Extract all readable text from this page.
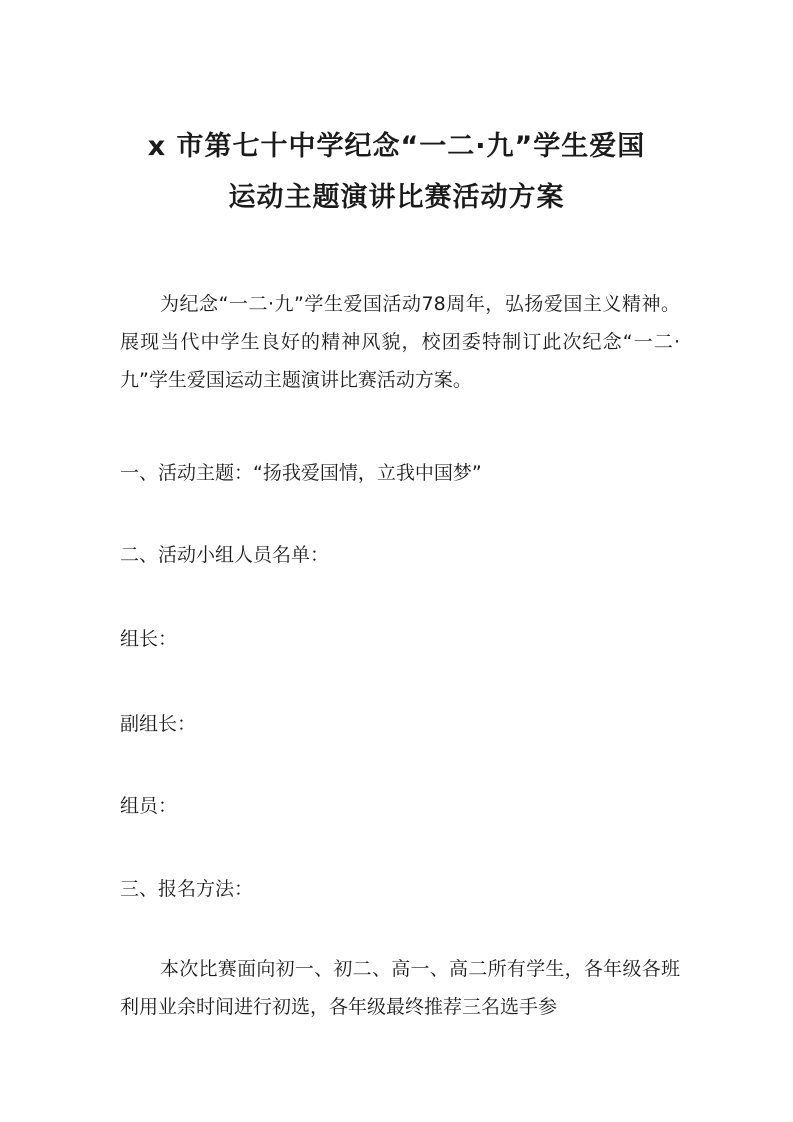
x 市第七十中学纪念“一二·九”学生爱国
运动主题演讲比赛活动方案

为纪念“一二·九”学生爱国活动78周年，弘扬爱国主义精神。展现当代中学生良好的精神风貌，校团委特制订此次纪念“一二·九”学生爱国运动主题演讲比赛活动方案。

一、活动主题：“扬我爱国情，立我中国梦”

二、活动小组人员名单：

组长：

副组长：

组员：

三、报名方法：

本次比赛面向初一、初二、高一、高二所有学生，各年级各班利用业余时间进行初选，各年级最终推荐三名选手参
